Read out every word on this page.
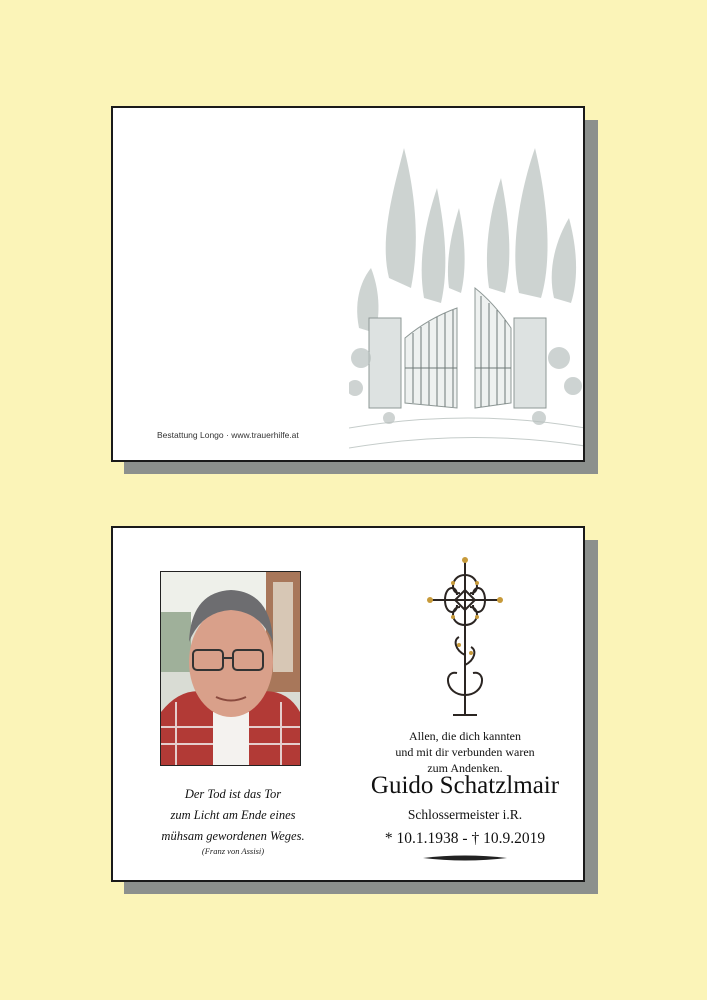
Bestattung Longo · www.trauerhilfe.at
Der Tod ist das Tor
zum Licht am Ende eines
mühsam gewordenen Weges.
(Franz von Assisi)
Allen, die dich kannten
und mit dir verbunden waren
zum Andenken.
Guido Schatzlmair
Schlossermeister i.R.
* 10.1.1938 - † 10.9.2019
